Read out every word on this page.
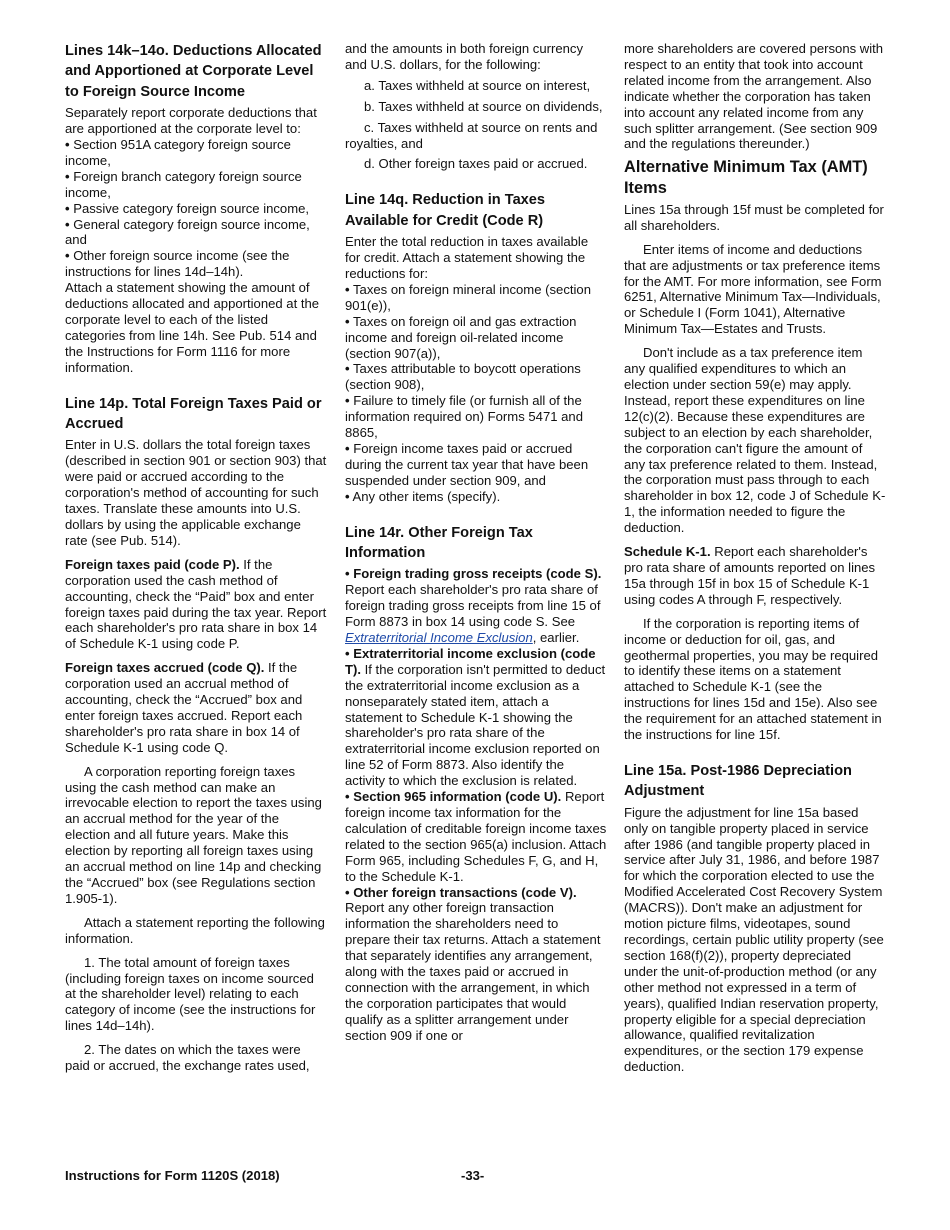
Lines 14k–14o. Deductions Allocated and Apportioned at Corporate Level to Foreign Source Income

Separately report corporate deductions that are apportioned at the corporate level to:

• Section 951A category foreign source income,
• Foreign branch category foreign source income,
• Passive category foreign source income,
• General category foreign source income, and
• Other foreign source income (see the instructions for lines 14d–14h).

Attach a statement showing the amount of deductions allocated and apportioned at the corporate level to each of the listed categories from line 14h. See Pub. 514 and the Instructions for Form 1116 for more information.

Line 14p. Total Foreign Taxes Paid or Accrued

Enter in U.S. dollars the total foreign taxes (described in section 901 or section 903) that were paid or accrued according to the corporation's method of accounting for such taxes. Translate these amounts into U.S. dollars by using the applicable exchange rate (see Pub. 514).

Foreign taxes paid (code P). If the corporation used the cash method of accounting, check the “Paid” box and enter foreign taxes paid during the tax year. Report each shareholder's pro rata share in box 14 of Schedule K-1 using code P.

Foreign taxes accrued (code Q). If the corporation used an accrual method of accounting, check the “Accrued” box and enter foreign taxes accrued. Report each shareholder's pro rata share in box 14 of Schedule K-1 using code Q.

A corporation reporting foreign taxes using the cash method can make an irrevocable election to report the taxes using an accrual method for the year of the election and all future years. Make this election by reporting all foreign taxes using an accrual method on line 14p and checking the “Accrued” box (see Regulations section 1.905-1).

Attach a statement reporting the following information.

1. The total amount of foreign taxes (including foreign taxes on income sourced at the shareholder level) relating to each category of income (see the instructions for lines 14d–14h).

2. The dates on which the taxes were paid or accrued, the exchange rates used,

and the amounts in both foreign currency and U.S. dollars, for the following:

a. Taxes withheld at source on interest,

b. Taxes withheld at source on dividends,

c. Taxes withheld at source on rents and royalties, and

d. Other foreign taxes paid or accrued.

Line 14q. Reduction in Taxes Available for Credit (Code R)

Enter the total reduction in taxes available for credit. Attach a statement showing the reductions for:

• Taxes on foreign mineral income (section 901(e)),
• Taxes on foreign oil and gas extraction income and foreign oil-related income (section 907(a)),
• Taxes attributable to boycott operations (section 908),
• Failure to timely file (or furnish all of the information required on) Forms 5471 and 8865,
• Foreign income taxes paid or accrued during the current tax year that have been suspended under section 909, and
• Any other items (specify).
Line 14r. Other Foreign Tax Information
• Foreign trading gross receipts (code S). Report each shareholder's pro rata share of foreign trading gross receipts from line 15 of Form 8873 in box 14 using code S. See Extraterritorial Income Exclusion, earlier.
• Extraterritorial income exclusion (code T). If the corporation isn't permitted to deduct the extraterritorial income exclusion as a nonseparately stated item, attach a statement to Schedule K-1 showing the shareholder's pro rata share of the extraterritorial income exclusion reported on line 52 of Form 8873. Also identify the activity to which the exclusion is related.
• Section 965 information (code U). Report foreign income tax information for the calculation of creditable foreign income taxes related to the section 965(a) inclusion. Attach Form 965, including Schedules F, G, and H, to the Schedule K-1.
• Other foreign transactions (code V). Report any other foreign transaction information the shareholders need to prepare their tax returns. Attach a statement that separately identifies any arrangement, along with the taxes paid or accrued in connection with the arrangement, in which the corporation participates that would qualify as a splitter arrangement under section 909 if one or

more shareholders are covered persons with respect to an entity that took into account related income from the arrangement. Also indicate whether the corporation has taken into account any related income from any such splitter arrangement. (See section 909 and the regulations thereunder.)

Alternative Minimum Tax (AMT) Items

Lines 15a through 15f must be completed for all shareholders.

Enter items of income and deductions that are adjustments or tax preference items for the AMT. For more information, see Form 6251, Alternative Minimum Tax—Individuals, or Schedule I (Form 1041), Alternative Minimum Tax—Estates and Trusts.

Don't include as a tax preference item any qualified expenditures to which an election under section 59(e) may apply. Instead, report these expenditures on line 12(c)(2). Because these expenditures are subject to an election by each shareholder, the corporation can't figure the amount of any tax preference related to them. Instead, the corporation must pass through to each shareholder in box 12, code J of Schedule K-1, the information needed to figure the deduction.

Schedule K-1. Report each shareholder's pro rata share of amounts reported on lines 15a through 15f in box 15 of Schedule K-1 using codes A through F, respectively.

If the corporation is reporting items of income or deduction for oil, gas, and geothermal properties, you may be required to identify these items on a statement attached to Schedule K-1 (see the instructions for lines 15d and 15e). Also see the requirement for an attached statement in the instructions for line 15f.

Line 15a. Post-1986 Depreciation Adjustment

Figure the adjustment for line 15a based only on tangible property placed in service after 1986 (and tangible property placed in service after July 31, 1986, and before 1987 for which the corporation elected to use the Modified Accelerated Cost Recovery System (MACRS)). Don't make an adjustment for motion picture films, videotapes, sound recordings, certain public utility property (see section 168(f)(2)), property depreciated under the unit-of-production method (or any other method not expressed in a term of years), qualified Indian reservation property, property eligible for a special depreciation allowance, qualified revitalization expenditures, or the section 179 expense deduction.

Instructions for Form 1120S (2018)	-33-
